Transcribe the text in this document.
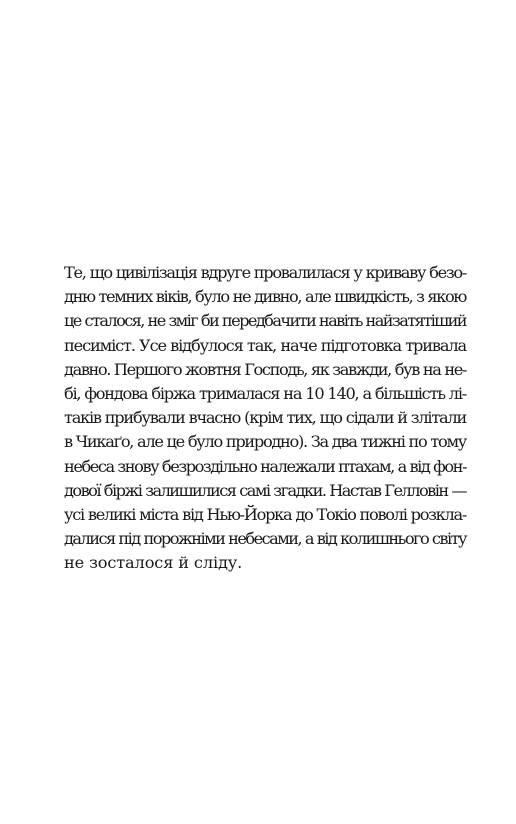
Те, що цивілізація вдруге провалилася у криваву безо-
дню темних віків, було не дивно, але швидкість, з якою
це сталося, не зміг би передбачити навіть найзатятіший
песиміст. Усе відбулося так, наче підготовка тривала
давно. Першого жовтня Господь, як завжди, був на не-
бі, фондова біржа трималася на 10 140, а більшість лі-
таків прибували вчасно (крім тих, що сідали й злітали
в Чикаґо, але це було природно). За два тижні по тому
небеса знову безроздільно належали птахам, а від фон-
дової біржі залишилися самі згадки. Настав Гелловін —
усі великі міста від Нью-Йорка до Токіо поволі розкла-
далися під порожніми небесами, а від колишнього світу
не зосталося й сліду.
